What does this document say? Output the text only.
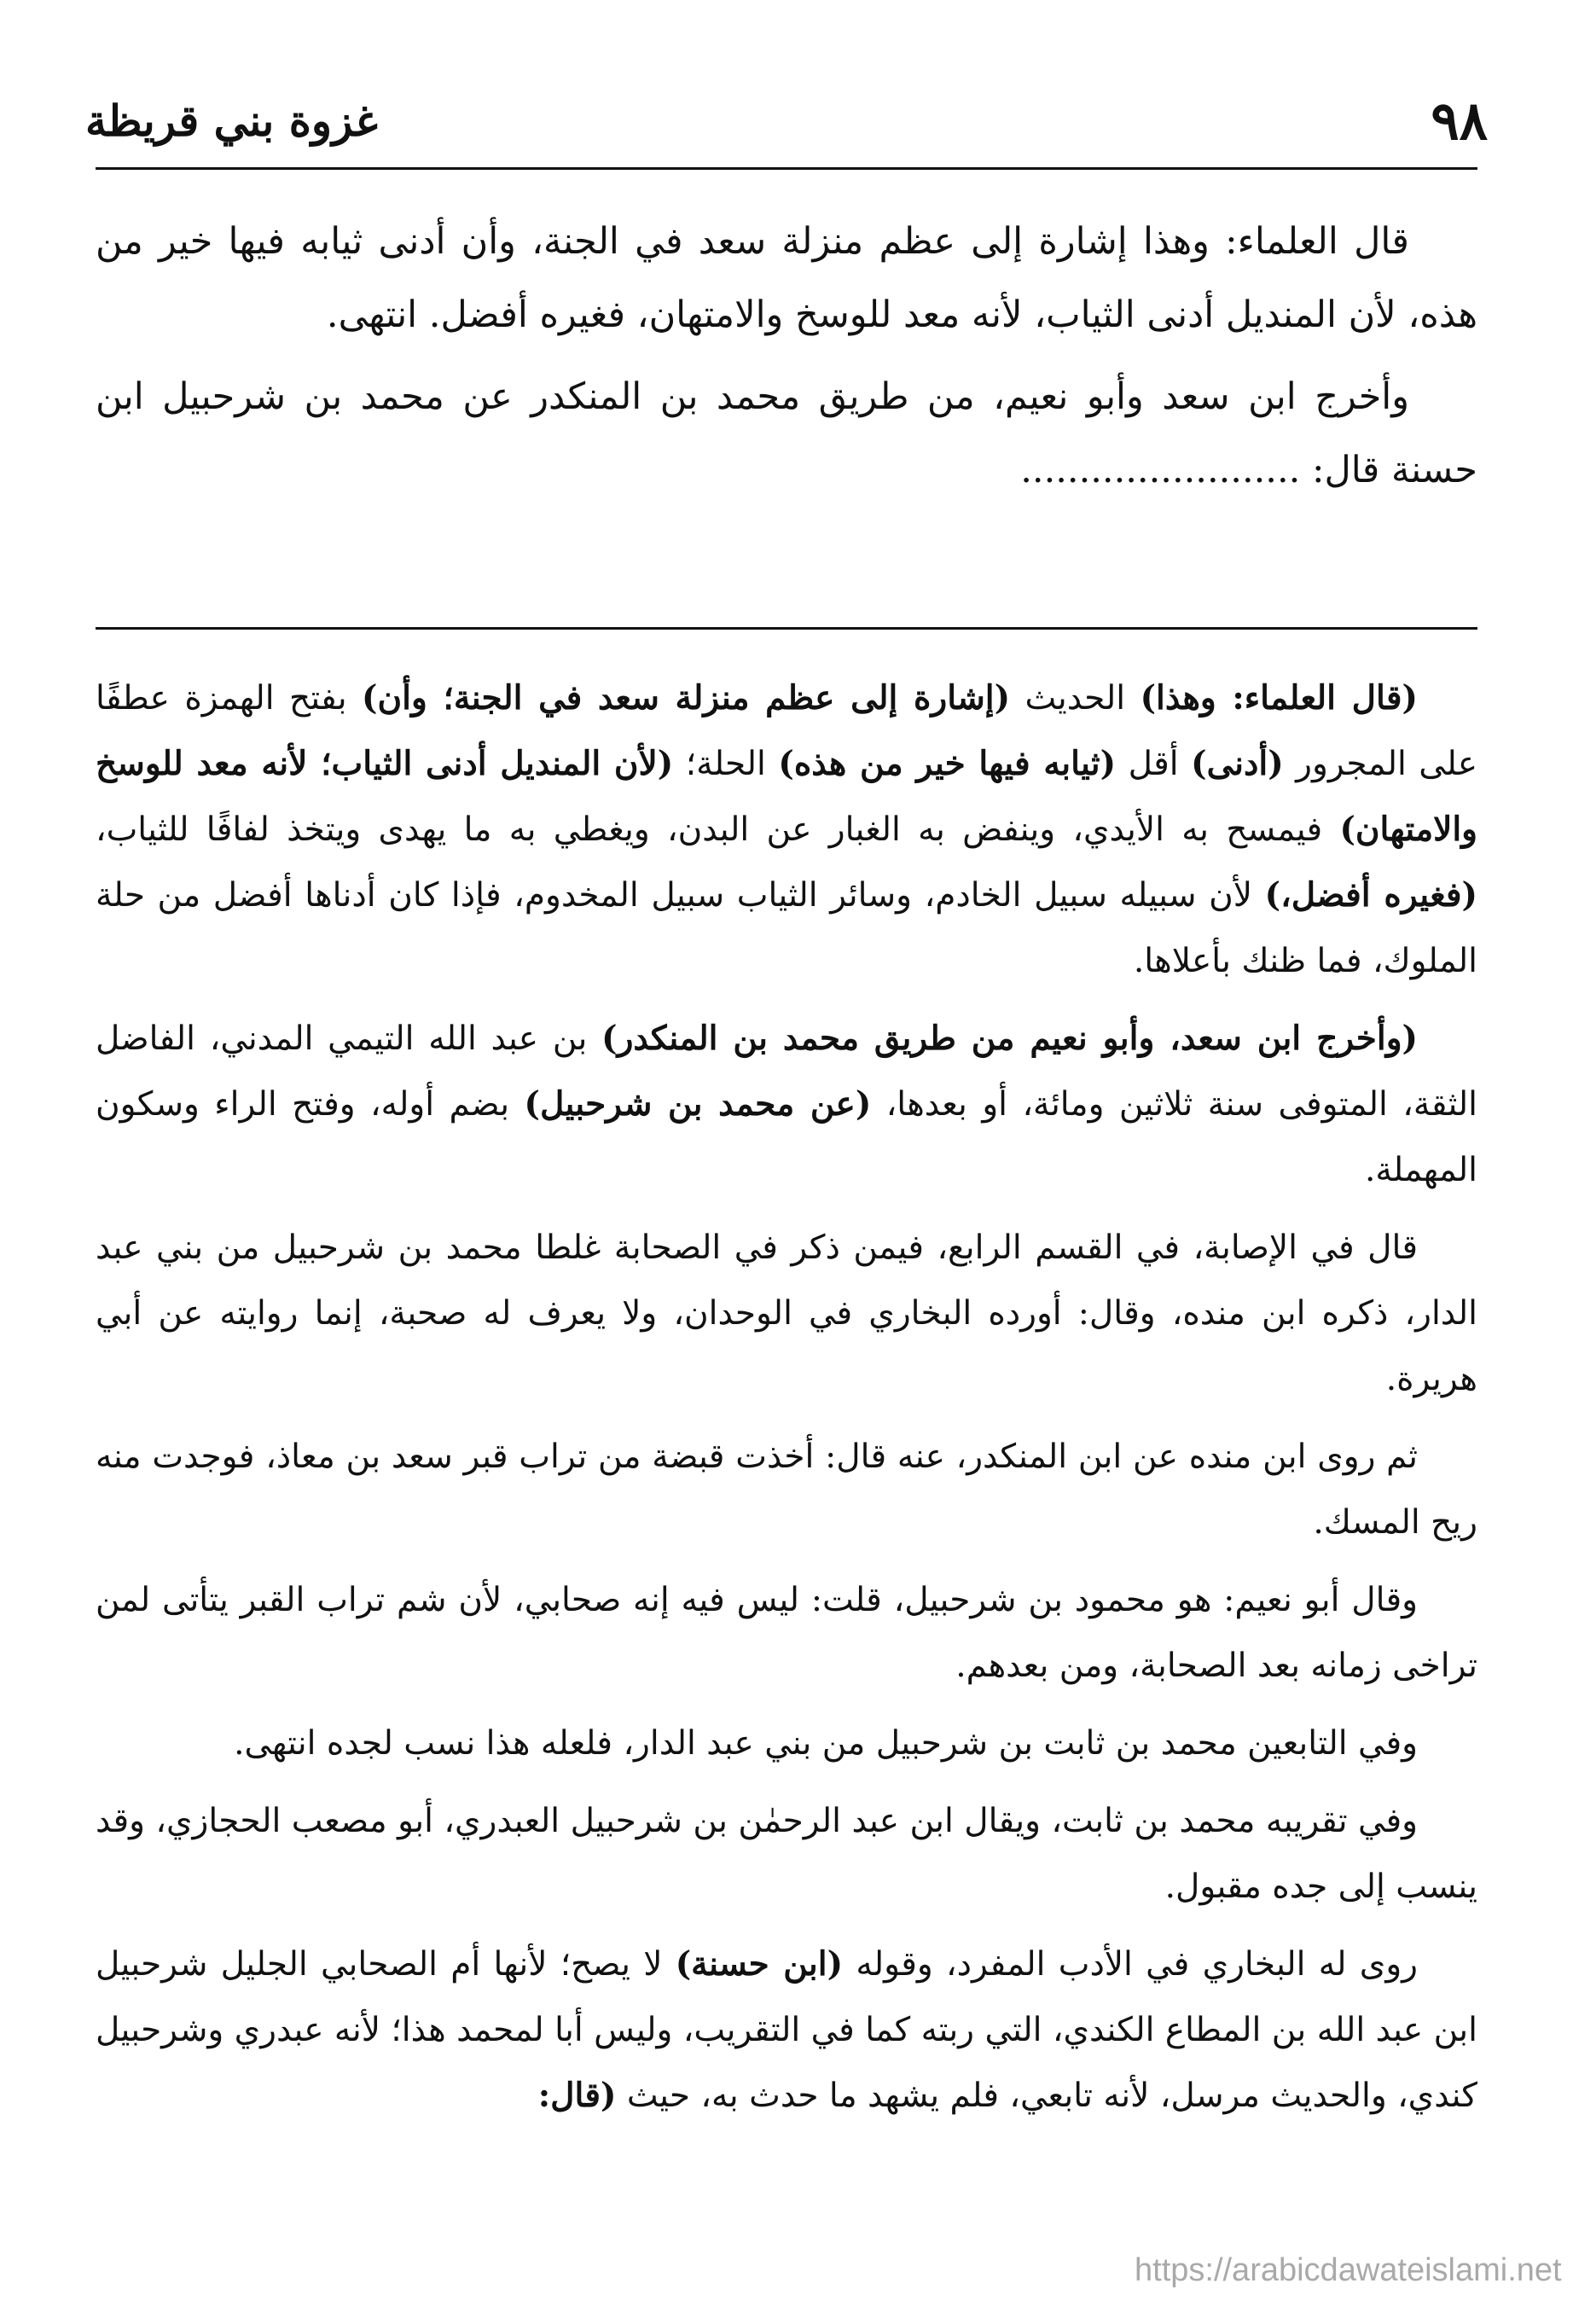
٩٨
غزوة بني قريظة

قال العلماء: وهذا إشارة إلى عظم منزلة سعد في الجنة، وأن أدنى ثيابه فيها خير من هذه، لأن المنديل أدنى الثياب، لأنه معد للوسخ والامتهان، فغيره أفضل. انتهى.

وأخرج ابن سعد وأبو نعيم، من طريق محمد بن المنكدر عن محمد بن شرحبيل ابن حسنة قال: ........................

(قال العلماء: وهذا) الحديث (إشارة إلى عظم منزلة سعد في الجنة؛ وأن) بفتح الهمزة عطفًا على المجرور (أدنى) أقل (ثيابه فيها خير من هذه) الحلة؛ (لأن المنديل أدنى الثياب؛ لأنه معد للوسخ والامتهان) فيمسح به الأيدي، وينفض به الغبار عن البدن، ويغطي به ما يهدى ويتخذ لفافًا للثياب، (فغيره أفضل،) لأن سبيله سبيل الخادم، وسائر الثياب سبيل المخدوم، فإذا كان أدناها أفضل من حلة الملوك، فما ظنك بأعلاها.

(وأخرج ابن سعد، وأبو نعيم من طريق محمد بن المنكدر) بن عبد الله التيمي المدني، الفاضل الثقة، المتوفى سنة ثلاثين ومائة، أو بعدها، (عن محمد بن شرحبيل) بضم أوله، وفتح الراء وسكون المهملة.

قال في الإصابة، في القسم الرابع، فيمن ذكر في الصحابة غلطا محمد بن شرحبيل من بني عبد الدار، ذكره ابن منده، وقال: أورده البخاري في الوحدان، ولا يعرف له صحبة، إنما روايته عن أبي هريرة.

ثم روى ابن منده عن ابن المنكدر، عنه قال: أخذت قبضة من تراب قبر سعد بن معاذ، فوجدت منه ريح المسك.

وقال أبو نعيم: هو محمود بن شرحبيل، قلت: ليس فيه إنه صحابي، لأن شم تراب القبر يتأتى لمن تراخى زمانه بعد الصحابة، ومن بعدهم.

وفي التابعين محمد بن ثابت بن شرحبيل من بني عبد الدار، فلعله هذا نسب لجده انتهى.

وفي تقريبه محمد بن ثابت، ويقال ابن عبد الرحمٰن بن شرحبيل العبدري، أبو مصعب الحجازي، وقد ينسب إلى جده مقبول.

روى له البخاري في الأدب المفرد، وقوله (ابن حسنة) لا يصح؛ لأنها أم الصحابي الجليل شرحبيل ابن عبد الله بن المطاع الكندي، التي ربته كما في التقريب، وليس أبا لمحمد هذا؛ لأنه عبدري وشرحبيل كندي، والحديث مرسل، لأنه تابعي، فلم يشهد ما حدث به، حيث (قال:

https://arabicdawateislami.net
